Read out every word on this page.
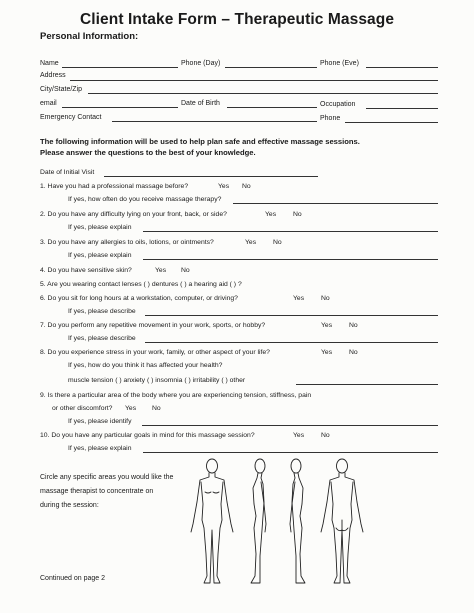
Client Intake Form – Therapeutic Massage
Personal Information:
Name	Phone (Day)	Phone (Eve)
Address
City/State/Zip
email	Date of Birth	Occupation
Emergency Contact	Phone
The following information will be used to help plan safe and effective massage sessions.
Please answer the questions to the best of your knowledge.
Date of Initial Visit
1. Have you had a professional massage before?	Yes No
If yes, how often do you receive massage therapy?
2. Do you have any difficulty lying on your front, back, or side?	Yes No
If yes, please explain
3. Do you have any allergies to oils, lotions, or ointments?	Yes No
If yes, please explain
4. Do you have sensitive skin?	Yes No
5. Are you wearing contact lenses ( ) dentures ( ) a hearing aid ( ) ?
6. Do you sit for long hours at a workstation, computer, or driving?	Yes No
If yes, please describe
7. Do you perform any repetitive movement in your work, sports, or hobby?	Yes No
If yes, please describe
8. Do you experience stress in your work, family, or other aspect of your life?	Yes No
If yes, how do you think it has affected your health?
muscle tension ( ) anxiety ( ) insomnia ( ) irritability ( ) other
9. Is there a particular area of the body where you are experiencing tension, stiffness, pain
or other discomfort? Yes No
If yes, please identify
10. Do you have any particular goals in mind for this massage session?	Yes No
If yes, please explain
Circle any specific areas you would like the
massage therapist to concentrate on
during the session:
Continued on page 2
